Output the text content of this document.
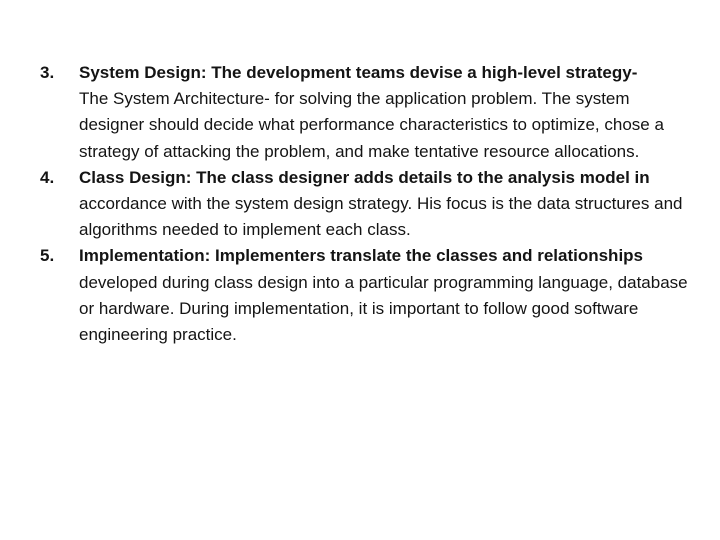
3.	System Design: The development teams devise a high-level strategy-
The System Architecture- for solving the application problem. The system designer should decide what performance characteristics to optimize, chose a strategy of attacking the problem, and make tentative resource allocations.
4.	Class Design: The class designer adds details to the analysis model in
accordance with the system design strategy. His focus is the data structures and algorithms needed to implement each class.
5.	Implementation: Implementers translate the classes and relationships
developed during class design into a particular programming language, database or hardware. During implementation, it is important to follow good software engineering practice.
